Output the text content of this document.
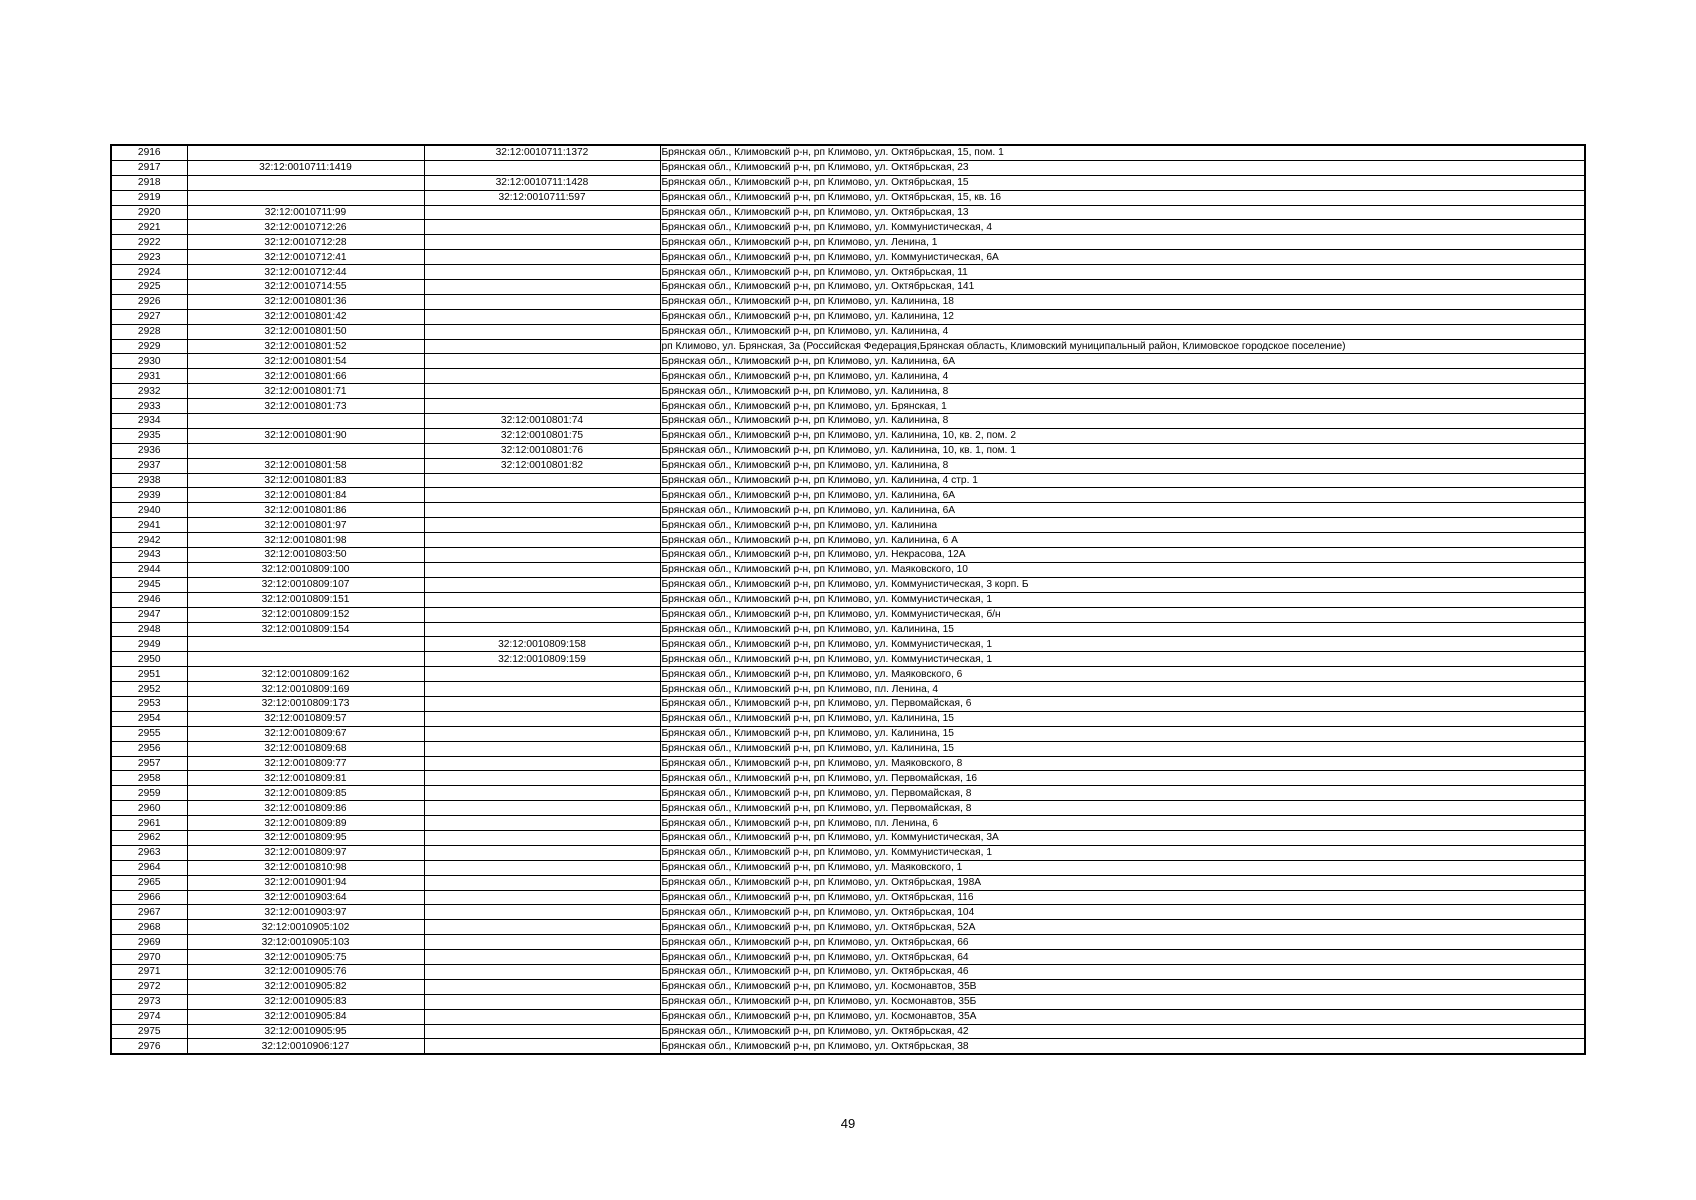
2916		32:12:0010711:1372	Брянская обл., Климовский р-н, рп Климово, ул. Октябрьская, 15, пом. 1
2917	32:12:0010711:1419		Брянская обл., Климовский р-н, рп Климово, ул. Октябрьская, 23
2918		32:12:0010711:1428	Брянская обл., Климовский р-н, рп Климово, ул. Октябрьская, 15
2919		32:12:0010711:597	Брянская обл., Климовский р-н, рп Климово, ул. Октябрьская, 15, кв. 16
2920	32:12:0010711:99		Брянская обл., Климовский р-н, рп Климово, ул. Октябрьская, 13
2921	32:12:0010712:26		Брянская обл., Климовский р-н, рп Климово, ул. Коммунистическая, 4
2922	32:12:0010712:28		Брянская обл., Климовский р-н, рп Климово, ул. Ленина, 1
2923	32:12:0010712:41		Брянская обл., Климовский р-н, рп Климово, ул. Коммунистическая, 6А
2924	32:12:0010712:44		Брянская обл., Климовский р-н, рп Климово, ул. Октябрьская, 11
2925	32:12:0010714:55		Брянская обл., Климовский р-н, рп Климово, ул. Октябрьская, 141
2926	32:12:0010801:36		Брянская обл., Климовский р-н, рп Климово, ул. Калинина, 18
2927	32:12:0010801:42		Брянская обл., Климовский р-н, рп Климово, ул. Калинина, 12
2928	32:12:0010801:50		Брянская обл., Климовский р-н, рп Климово, ул. Калинина, 4
2929	32:12:0010801:52		рп Климово, ул. Брянская, 3а (Российская Федерация,Брянская область, Климовский муниципальный район, Климовское городское поселение)
2930	32:12:0010801:54		Брянская обл., Климовский р-н, рп Климово, ул. Калинина, 6А
2931	32:12:0010801:66		Брянская обл., Климовский р-н, рп Климово, ул. Калинина, 4
2932	32:12:0010801:71		Брянская обл., Климовский р-н, рп Климово, ул. Калинина, 8
2933	32:12:0010801:73		Брянская обл., Климовский р-н, рп Климово, ул. Брянская, 1
2934		32:12:0010801:74	Брянская обл., Климовский р-н, рп Климово, ул. Калинина, 8
2935	32:12:0010801:90	32:12:0010801:75	Брянская обл., Климовский р-н, рп Климово, ул. Калинина, 10, кв. 2, пом. 2
2936		32:12:0010801:76	Брянская обл., Климовский р-н, рп Климово, ул. Калинина, 10, кв. 1, пом. 1
2937	32:12:0010801:58	32:12:0010801:82	Брянская обл., Климовский р-н, рп Климово, ул. Калинина, 8
2938	32:12:0010801:83		Брянская обл., Климовский р-н, рп Климово, ул. Калинина, 4 стр. 1
2939	32:12:0010801:84		Брянская обл., Климовский р-н, рп Климово, ул. Калинина, 6А
2940	32:12:0010801:86		Брянская обл., Климовский р-н, рп Климово, ул. Калинина, 6А
2941	32:12:0010801:97		Брянская обл., Климовский р-н, рп Климово, ул. Калинина
2942	32:12:0010801:98		Брянская обл., Климовский р-н, рп Климово, ул. Калинина, 6 А
2943	32:12:0010803:50		Брянская обл., Климовский р-н, рп Климово, ул. Некрасова, 12А
2944	32:12:0010809:100		Брянская обл., Климовский р-н, рп Климово, ул. Маяковского, 10
2945	32:12:0010809:107		Брянская обл., Климовский р-н, рп Климово, ул. Коммунистическая, 3 корп. Б
2946	32:12:0010809:151		Брянская обл., Климовский р-н, рп Климово, ул. Коммунистическая, 1
2947	32:12:0010809:152		Брянская обл., Климовский р-н, рп Климово, ул. Коммунистическая, б/н
2948	32:12:0010809:154		Брянская обл., Климовский р-н, рп Климово, ул. Калинина, 15
2949		32:12:0010809:158	Брянская обл., Климовский р-н, рп Климово, ул. Коммунистическая, 1
2950		32:12:0010809:159	Брянская обл., Климовский р-н, рп Климово, ул. Коммунистическая, 1
2951	32:12:0010809:162		Брянская обл., Климовский р-н, рп Климово, ул. Маяковского, 6
2952	32:12:0010809:169		Брянская обл., Климовский р-н, рп Климово, пл. Ленина, 4
2953	32:12:0010809:173		Брянская обл., Климовский р-н, рп Климово, ул. Первомайская, 6
2954	32:12:0010809:57		Брянская обл., Климовский р-н, рп Климово, ул. Калинина, 15
2955	32:12:0010809:67		Брянская обл., Климовский р-н, рп Климово, ул. Калинина, 15
2956	32:12:0010809:68		Брянская обл., Климовский р-н, рп Климово, ул. Калинина, 15
2957	32:12:0010809:77		Брянская обл., Климовский р-н, рп Климово, ул. Маяковского, 8
2958	32:12:0010809:81		Брянская обл., Климовский р-н, рп Климово, ул. Первомайская, 16
2959	32:12:0010809:85		Брянская обл., Климовский р-н, рп Климово, ул. Первомайская, 8
2960	32:12:0010809:86		Брянская обл., Климовский р-н, рп Климово, ул. Первомайская, 8
2961	32:12:0010809:89		Брянская обл., Климовский р-н, рп Климово, пл. Ленина, 6
2962	32:12:0010809:95		Брянская обл., Климовский р-н, рп Климово, ул. Коммунистическая, 3А
2963	32:12:0010809:97		Брянская обл., Климовский р-н, рп Климово, ул. Коммунистическая, 1
2964	32:12:0010810:98		Брянская обл., Климовский р-н, рп Климово, ул. Маяковского, 1
2965	32:12:0010901:94		Брянская обл., Климовский р-н, рп Климово, ул. Октябрьская, 198А
2966	32:12:0010903:64		Брянская обл., Климовский р-н, рп Климово, ул. Октябрьская, 116
2967	32:12:0010903:97		Брянская обл., Климовский р-н, рп Климово, ул. Октябрьская, 104
2968	32:12:0010905:102		Брянская обл., Климовский р-н, рп Климово, ул. Октябрьская, 52А
2969	32:12:0010905:103		Брянская обл., Климовский р-н, рп Климово, ул. Октябрьская, 66
2970	32:12:0010905:75		Брянская обл., Климовский р-н, рп Климово, ул. Октябрьская, 64
2971	32:12:0010905:76		Брянская обл., Климовский р-н, рп Климово, ул. Октябрьская, 46
2972	32:12:0010905:82		Брянская обл., Климовский р-н, рп Климово, ул. Космонавтов, 35В
2973	32:12:0010905:83		Брянская обл., Климовский р-н, рп Климово, ул. Космонавтов, 35Б
2974	32:12:0010905:84		Брянская обл., Климовский р-н, рп Климово, ул. Космонавтов, 35А
2975	32:12:0010905:95		Брянская обл., Климовский р-н, рп Климово, ул. Октябрьская, 42
2976	32:12:0010906:127		Брянская обл., Климовский р-н, рп Климово, ул. Октябрьская, 38
49
